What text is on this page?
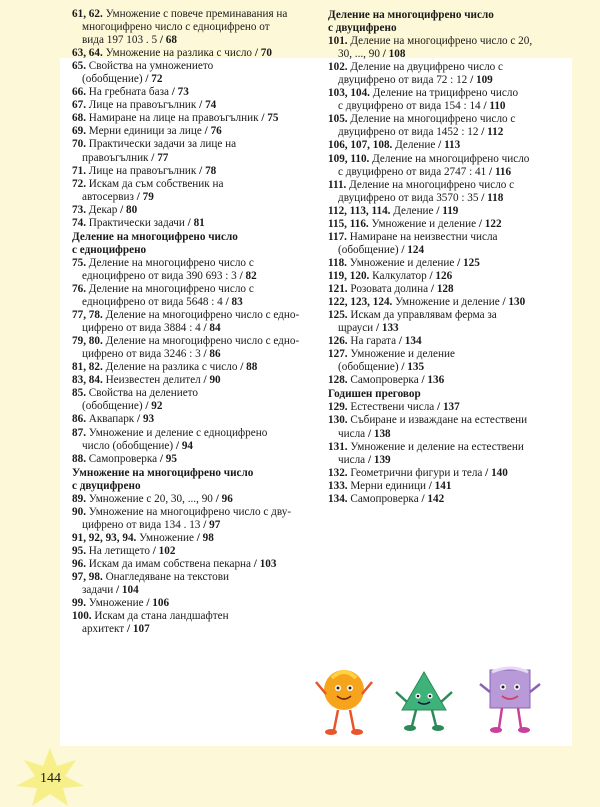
61, 62. Умножение с повече преминавания на
многоцифрено число с едноцифрено от
вида 197 103 . 5 / 68
63, 64. Умножение на разлика с число / 70
65. Свойства на умножението
(обобщение) / 72
66. На гребната база / 73
67. Лице на правоъгълник / 74
68. Намиране на лице на правоъгълник / 75
69. Мерни единици за лице / 76
70. Практически задачи за лице на
правоъгълник / 77
71. Лице на правоъгълник / 78
72. Искам да съм собственик на
автосервиз / 79
73. Декар / 80
74. Практически задачи / 81
Деление на многоцифрено число
с едноцифрено
75. Деление на многоцифрено число с
едноцифрено от вида 390 693 : 3 / 82
76. Деление на многоцифрено число с
едноцифрено от вида 5648 : 4 / 83
77, 78. Деление на многоцифрено число с едно-
цифрено от вида 3884 : 4 / 84
79, 80. Деление на многоцифрено число с едно-
цифрено от вида 3246 : 3 / 86
81, 82. Деление на разлика с число / 88
83, 84. Неизвестен делител / 90
85. Свойства на делението
(обобщение) / 92
86. Аквапарк / 93
87. Умножение и деление с едноцифрено
число (обобщение) / 94
88. Самопроверка / 95
Умножение на многоцифрено число
с двуцифрено
89. Умножение с 20, 30, ..., 90 / 96
90. Умножение на многоцифрено число с дву-
цифрено от вида 134 . 13 / 97
91, 92, 93, 94. Умножение / 98
95. На летището / 102
96. Искам да имам собствена пекарна / 103
97, 98. Онагледяване на текстови
задачи / 104
99. Умножение / 106
100. Искам да стана ландшафтен
архитект / 107
Деление на многоцифрено число
с двуцифрено
101. Деление на многоцифрено число с 20,
30, ..., 90 / 108
102. Деление на двуцифрено число с
двуцифрено от вида 72 : 12 / 109
103, 104. Деление на трицифрено число
с двуцифрено от вида 154 : 14 / 110
105. Деление на многоцифрено число с
двуцифрено от вида 1452 : 12 / 112
106, 107, 108. Деление / 113
109, 110. Деление на многоцифрено число
с двуцифрено от вида 2747 : 41 / 116
111. Деление на многоцифрено число с
двуцифрено от вида 3570 : 35 / 118
112, 113, 114. Деление / 119
115, 116. Умножение и деление / 122
117. Намиране на неизвестни числа
(обобщение) / 124
118. Умножение и деление / 125
119, 120. Калкулатор / 126
121. Розовата долина / 128
122, 123, 124. Умножение и деление / 130
125. Искам да управлявам ферма за
щрауси / 133
126. На гарата / 134
127. Умножение и деление
(обобщение) / 135
128. Самопроверка / 136
Годишен преговор
129. Естествени числа / 137
130. Събиране и изваждане на естествени
числа / 138
131. Умножение и деление на естествени
числа / 139
132. Геометрични фигури и тела / 140
133. Мерни единици / 141
134. Самопроверка / 142
144
